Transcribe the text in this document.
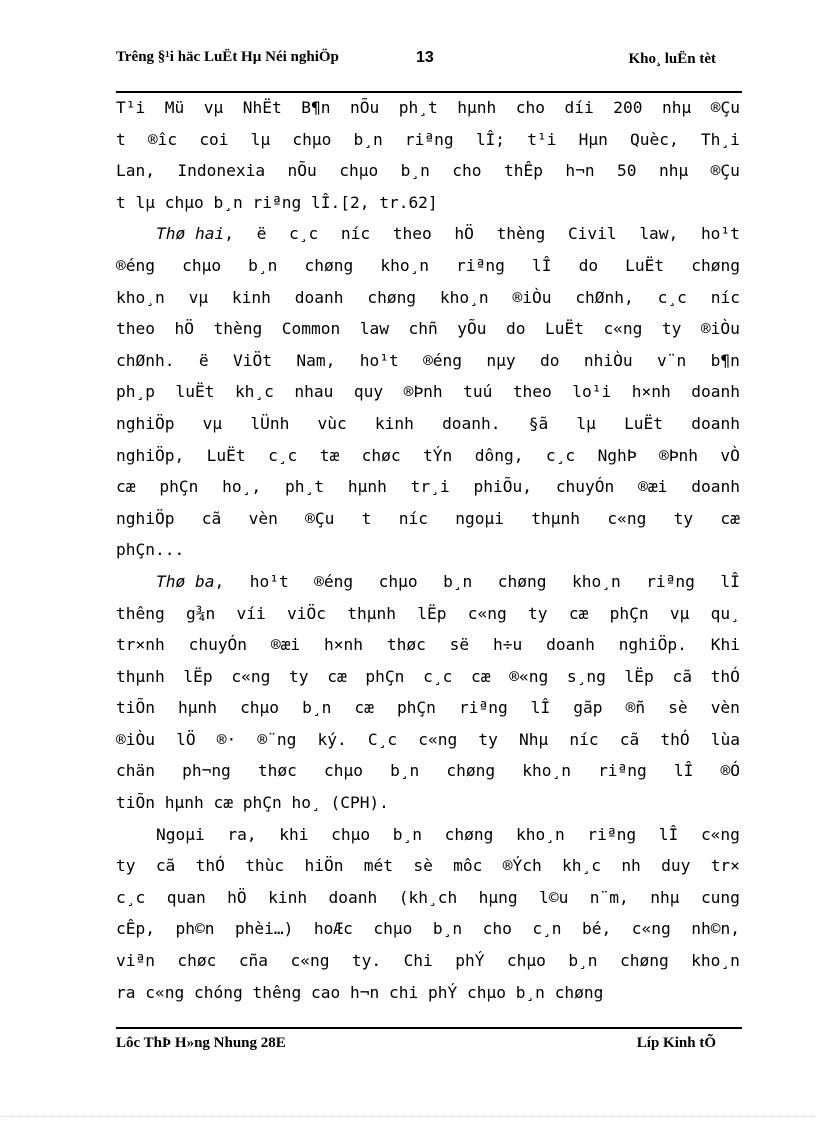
Trêng §¹i häc LuËt Hµ Néi nghiÖp	13	Kho¸ luËn tèt
T¹i Mü vµ NhËt B¶n nÕu ph¸t hµnh cho díi 200 nhµ ®Çu
t ®îc coi lµ chµo b¸n riªng lÎ; t¹i Hµn Quèc, Th¸i
Lan, Indonexia nÕu chµo b¸n cho thÊp h¬n 50 nhµ ®Çu
t lµ chµo b¸n riªng lÎ.[2, tr.62]
Thø hai, ë c¸c níc theo hÖ thèng Civil law, ho¹t
®éng chµo b¸n chøng kho¸n riªng lÎ do LuËt chøng
kho¸n vµ kinh doanh chøng kho¸n ®iÒu chØnh, c¸c níc
theo hÖ thèng Common law chñ yÕu do LuËt c«ng ty ®iÒu
chØnh. ë ViÖt Nam, ho¹t ®éng nµy do nhiÒu v¨n b¶n
ph¸p luËt kh¸c nhau quy ®Þnh tuú theo lo¹i h×nh doanh
nghiÖp vµ lÜnh vùc kinh doanh. §ã lµ LuËt doanh
nghiÖp, LuËt c¸c tæ chøc tÝn dông, c¸c NghÞ ®Þnh vÒ
cæ phÇn ho¸, ph¸t hµnh tr¸i phiÕu, chuyÓn ®æi doanh
nghiÖp cã vèn ®Çu t níc ngoµi thµnh c«ng ty cæ
phÇn...
Thø ba, ho¹t ®éng chµo b¸n chøng kho¸n riªng lÎ
thêng g¾n víi viÖc thµnh lËp c«ng ty cæ phÇn vµ qu¸
tr×nh chuyÓn ®æi h×nh thøc së h÷u doanh nghiÖp. Khi
thµnh lËp c«ng ty cæ phÇn c¸c cæ ®«ng s¸ng lËp cã thÓ
tiÕn hµnh chµo b¸n cæ phÇn riªng lÎ gãp ®ñ sè vèn
®iÒu lÖ ®· ®¨ng ký. C¸c c«ng ty Nhµ níc cã thÓ lùa
chän ph¬ng thøc chµo b¸n chøng kho¸n riªng lÎ ®Ó
tiÕn hµnh cæ phÇn ho¸ (CPH).
Ngoµi ra, khi chµo b¸n chøng kho¸n riªng lÎ c«ng
ty cã thÓ thùc hiÖn mét sè môc ®Ých kh¸c nh duy tr×
c¸c quan hÖ kinh doanh (kh¸ch hµng l©u n¨m, nhµ cung
cÊp, ph©n phèi…) hoÆc chµo b¸n cho c¸n bé, c«ng nh©n,
viªn chøc cña c«ng ty. Chi phÝ chµo b¸n chøng kho¸n
ra c«ng chóng thêng cao h¬n chi phÝ chµo b¸n chøng
Lôc ThÞ H»ng Nhung 28E	Líp Kinh tÕ
